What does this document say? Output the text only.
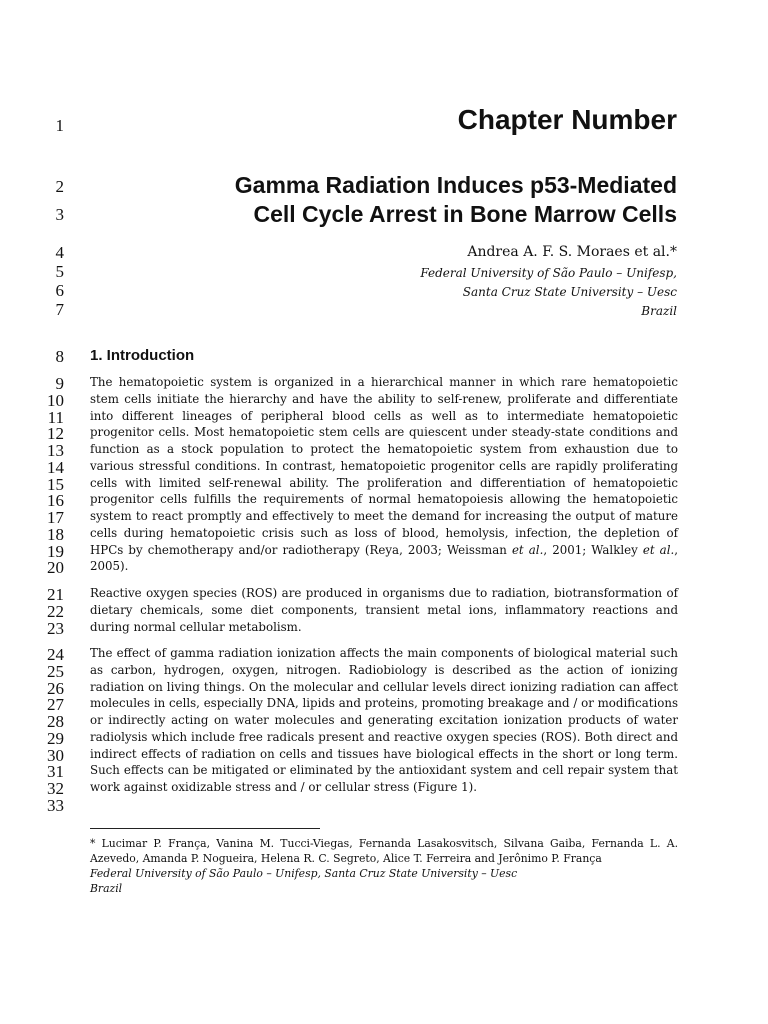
1
2
3
4
5
6
7
8
9
10
11
12
13
14
15
16
17
18
19
20
21
22
23
24
25
26
27
28
29
30
31
32
33
Chapter Number
Gamma Radiation Induces p53-Mediated
Cell Cycle Arrest in Bone Marrow Cells
Andrea A. F. S. Moraes et al.*
Federal University of São Paulo – Unifesp,
Santa Cruz State University – Uesc
Brazil
1. Introduction

The hematopoietic system is organized in a hierarchical manner in which rare hematopoietic stem cells initiate the hierarchy and have the ability to self-renew, proliferate and differentiate into different lineages of peripheral blood cells as well as to intermediate hematopoietic progenitor cells. Most hematopoietic stem cells are quiescent under steady-state conditions and function as a stock population to protect the hematopoietic system from exhaustion due to various stressful conditions. In contrast, hematopoietic progenitor cells are rapidly proliferating cells with limited self-renewal ability. The proliferation and differentiation of hematopoietic progenitor cells fulfills the requirements of normal hematopoiesis allowing the hematopoietic system to react promptly and effectively to meet the demand for increasing the output of mature cells during hematopoietic crisis such as loss of blood, hemolysis, infection, the depletion of HPCs by chemotherapy and/or radiotherapy (Reya, 2003; Weissman et al., 2001; Walkley et al., 2005).

Reactive oxygen species (ROS) are produced in organisms due to radiation, biotransformation of dietary chemicals, some diet components, transient metal ions, inflammatory reactions and during normal cellular metabolism.

The effect of gamma radiation ionization affects the main components of biological material such as carbon, hydrogen, oxygen, nitrogen. Radiobiology is described as the action of ionizing radiation on living things. On the molecular and cellular levels direct ionizing radiation can affect molecules in cells, especially DNA, lipids and proteins, promoting breakage and / or modifications or indirectly acting on water molecules and generating excitation ionization products of water radiolysis which include free radicals present and reactive oxygen species (ROS). Both direct and indirect effects of radiation on cells and tissues have biological effects in the short or long term. Such effects can be mitigated or eliminated by the antioxidant system and cell repair system that work against oxidizable stress and / or cellular stress (Figure 1).

* Lucimar P. França, Vanina M. Tucci-Viegas, Fernanda Lasakosvitsch, Silvana Gaiba, Fernanda L. A. Azevedo, Amanda P. Nogueira, Helena R. C. Segreto, Alice T. Ferreira and Jerônimo P. França
Federal University of São Paulo – Unifesp, Santa Cruz State University – Uesc
Brazil
